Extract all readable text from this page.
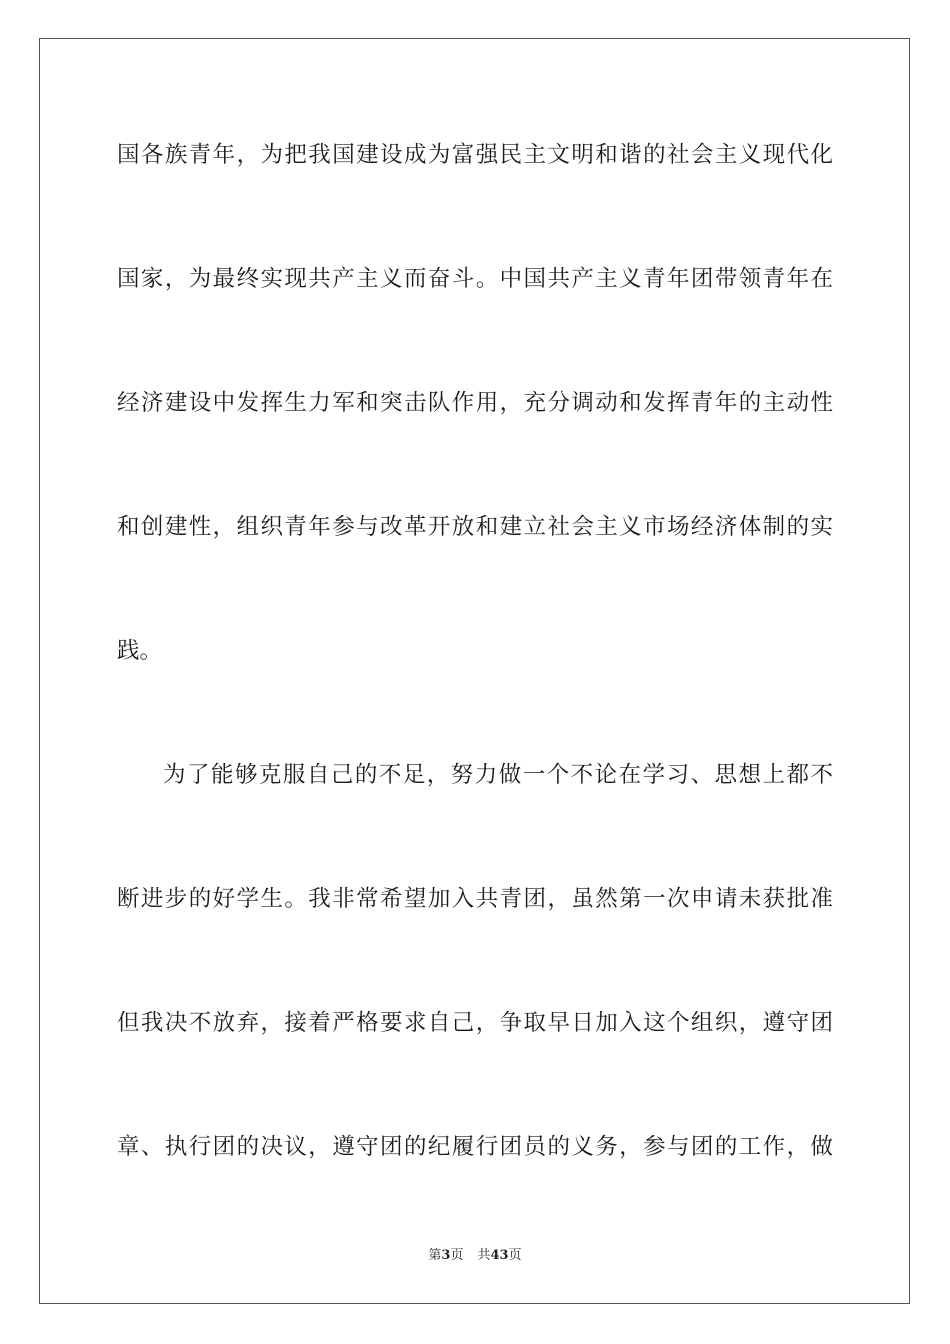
国各族青年，为把我国建设成为富强民主文明和谐的社会主义现代化
国家，为最终实现共产主义而奋斗。中国共产主义青年团带领青年在
经济建设中发挥生力军和突击队作用，充分调动和发挥青年的主动性
和创建性，组织青年参与改革开放和建立社会主义市场经济体制的实
践。
为了能够克服自己的不足，努力做一个不论在学习、思想上都不
断进步的好学生。我非常希望加入共青团，虽然第一次申请未获批准
但我决不放弃，接着严格要求自己，争取早日加入这个组织，遵守团
章、执行团的决议，遵守团的纪履行团员的义务，参与团的工作，做
第3页 共43页
